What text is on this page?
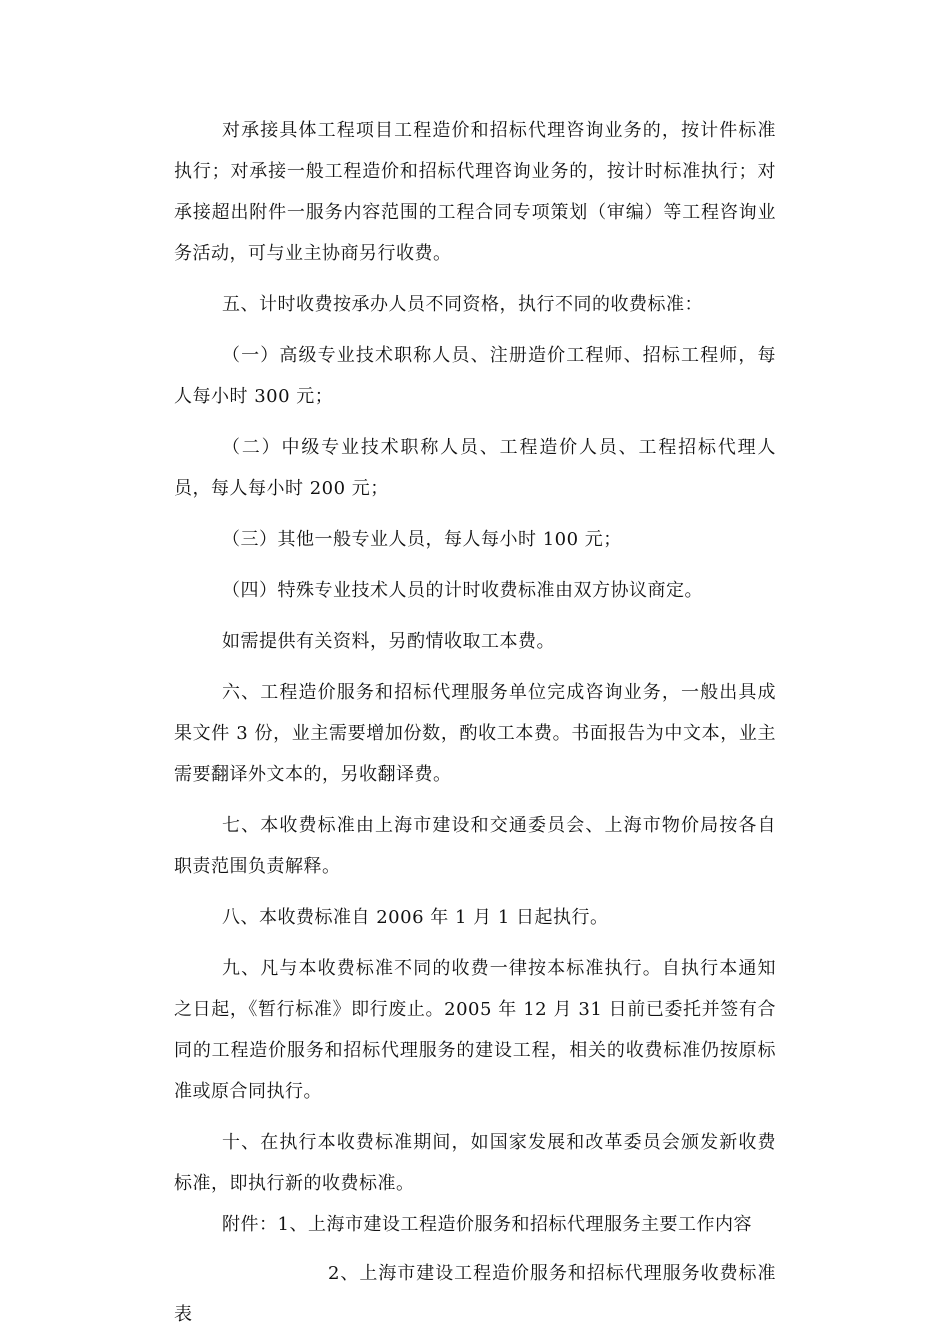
对承接具体工程项目工程造价和招标代理咨询业务的，按计件标准执行；对承接一般工程造价和招标代理咨询业务的，按计时标准执行；对承接超出附件一服务内容范围的工程合同专项策划（审编）等工程咨询业务活动，可与业主协商另行收费。

五、计时收费按承办人员不同资格，执行不同的收费标准：

（一）高级专业技术职称人员、注册造价工程师、招标工程师，每人每小时 300 元；

（二）中级专业技术职称人员、工程造价人员、工程招标代理人员，每人每小时 200 元；

（三）其他一般专业人员，每人每小时 100 元；

（四）特殊专业技术人员的计时收费标准由双方协议商定。

如需提供有关资料，另酌情收取工本费。

六、工程造价服务和招标代理服务单位完成咨询业务，一般出具成果文件 3 份，业主需要增加份数，酌收工本费。书面报告为中文本，业主需要翻译外文本的，另收翻译费。

七、本收费标准由上海市建设和交通委员会、上海市物价局按各自职责范围负责解释。

八、本收费标准自 2006 年 1 月 1 日起执行。

九、凡与本收费标准不同的收费一律按本标准执行。自执行本通知之日起，《暂行标准》即行废止。2005 年 12 月 31 日前已委托并签有合同的工程造价服务和招标代理服务的建设工程，相关的收费标准仍按原标准或原合同执行。

十、在执行本收费标准期间，如国家发展和改革委员会颁发新收费标准，即执行新的收费标准。

附件：1、上海市建设工程造价服务和招标代理服务主要工作内容

2、上海市建设工程造价服务和招标代理服务收费标准表
